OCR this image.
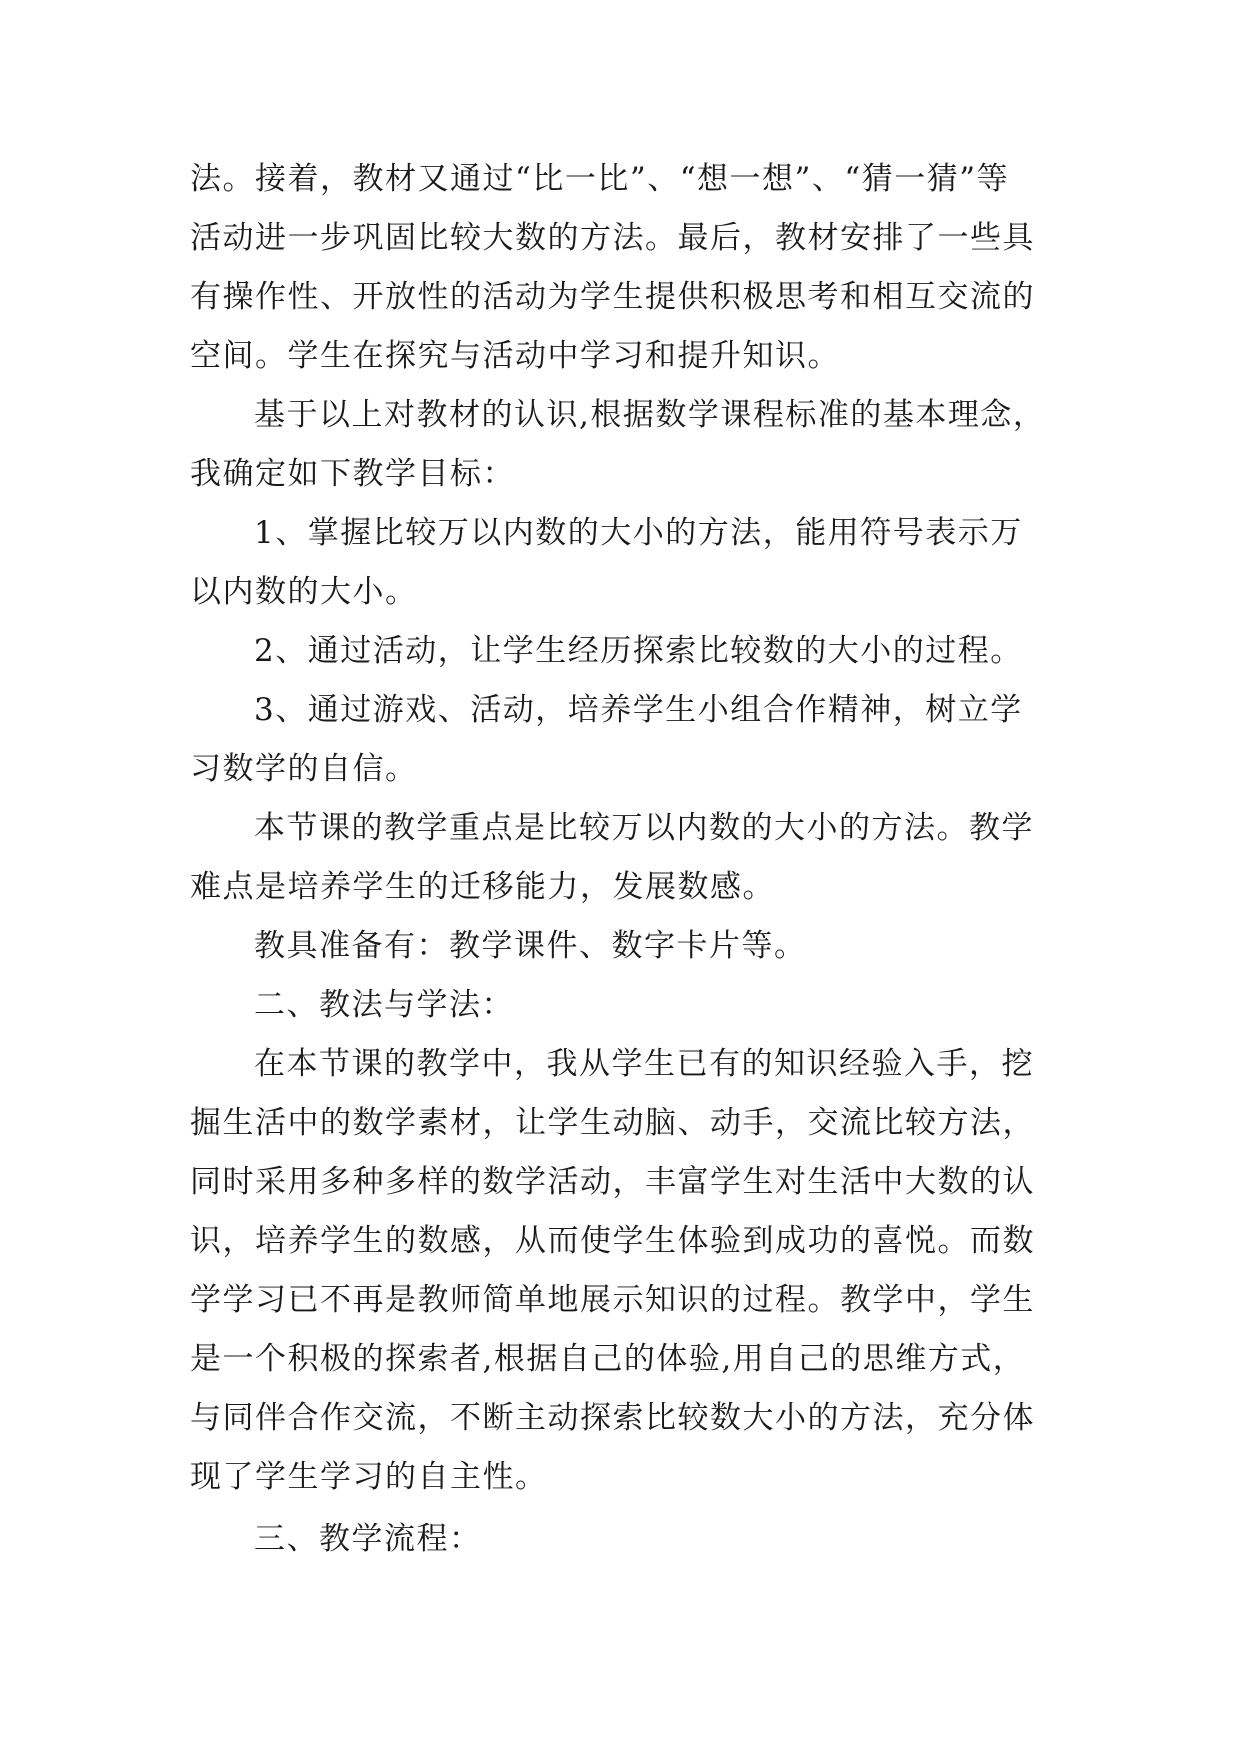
法。接着，教材又通过“比一比”、“想一想”、“猜一猜”等

活动进一步巩固比较大数的方法。最后，教材安排了一些具

有操作性、开放性的活动为学生提供积极思考和相互交流的

空间。学生在探究与活动中学习和提升知识。

基于以上对教材的认识,根据数学课程标准的基本理念，

我确定如下教学目标：

1、掌握比较万以内数的大小的方法，能用符号表示万

以内数的大小。

2、通过活动，让学生经历探索比较数的大小的过程。

3、通过游戏、活动，培养学生小组合作精神，树立学

习数学的自信。

本节课的教学重点是比较万以内数的大小的方法。教学

难点是培养学生的迁移能力，发展数感。

教具准备有：教学课件、数字卡片等。

二、教法与学法：

在本节课的教学中，我从学生已有的知识经验入手，挖

掘生活中的数学素材，让学生动脑、动手，交流比较方法，

同时采用多种多样的数学活动，丰富学生对生活中大数的认

识，培养学生的数感，从而使学生体验到成功的喜悦。而数

学学习已不再是教师简单地展示知识的过程。教学中，学生

是一个积极的探索者,根据自己的体验,用自己的思维方式，

与同伴合作交流，不断主动探索比较数大小的方法，充分体

现了学生学习的自主性。

三、教学流程：
